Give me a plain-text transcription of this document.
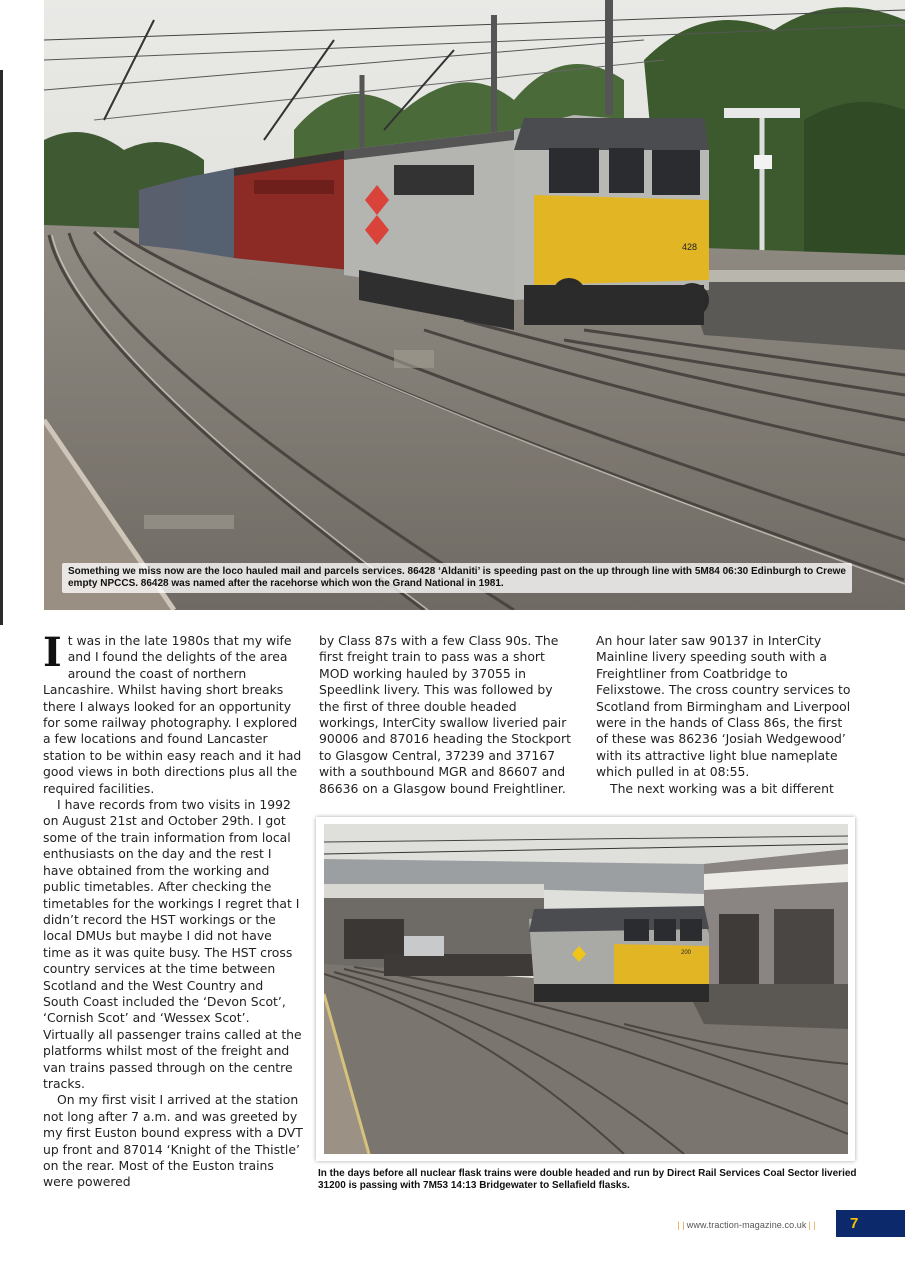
428
Something we miss now are the loco hauled mail and parcels services. 86428 ‘Aldaniti’ is speeding past on the up through line with 5M84 06:30 Edinburgh to Crewe empty NPCCS. 86428 was named after the racehorse which won the Grand National in 1981.
I t was in the late 1980s that my wife and I found the delights of the area around the coast of northern Lancashire. Whilst having short breaks there I always looked for an opportunity for some railway photography. I explored a few locations and found Lancaster station to be within easy reach and it had good views in both directions plus all the required facilities.

I have records from two visits in 1992 on August 21st and October 29th. I got some of the train information from local enthusiasts on the day and the rest I have obtained from the working and public timetables. After checking the timetables for the workings I regret that I didn’t record the HST workings or the local DMUs but maybe I did not have time as it was quite busy. The HST cross country services at the time between Scotland and the West Country and South Coast included the ‘Devon Scot’, ‘Cornish Scot’ and ‘Wessex Scot’. Virtually all passenger trains called at the platforms whilst most of the freight and van trains passed through on the centre tracks.

On my first visit I arrived at the station not long after 7 a.m. and was greeted by my first Euston bound express with a DVT up front and 87014 ‘Knight of the Thistle’ on the rear. Most of the Euston trains were powered

by Class 87s with a few Class 90s. The first freight train to pass was a short MOD working hauled by 37055 in Speedlink livery. This was followed by the first of three double headed workings, InterCity swallow liveried pair 90006 and 87016 heading the Stockport to Glasgow Central, 37239 and 37167 with a southbound MGR and 86607 and 86636 on a Glasgow bound Freightliner.

An hour later saw 90137 in InterCity Mainline livery speeding south with a Freightliner from Coatbridge to Felixstowe. The cross country services to Scotland from Birmingham and Liverpool were in the hands of Class 86s, the first of these was 86236 ‘Josiah Wedgewood’ with its attractive light blue nameplate which pulled in at 08:55.

The next working was a bit different

200
In the days before all nuclear flask trains were double headed and run by Direct Rail Services Coal Sector liveried 31200 is passing with 7M53 14:13 Bridgewater to Sellafield flasks.
| | www.traction-magazine.co.uk | |	7
